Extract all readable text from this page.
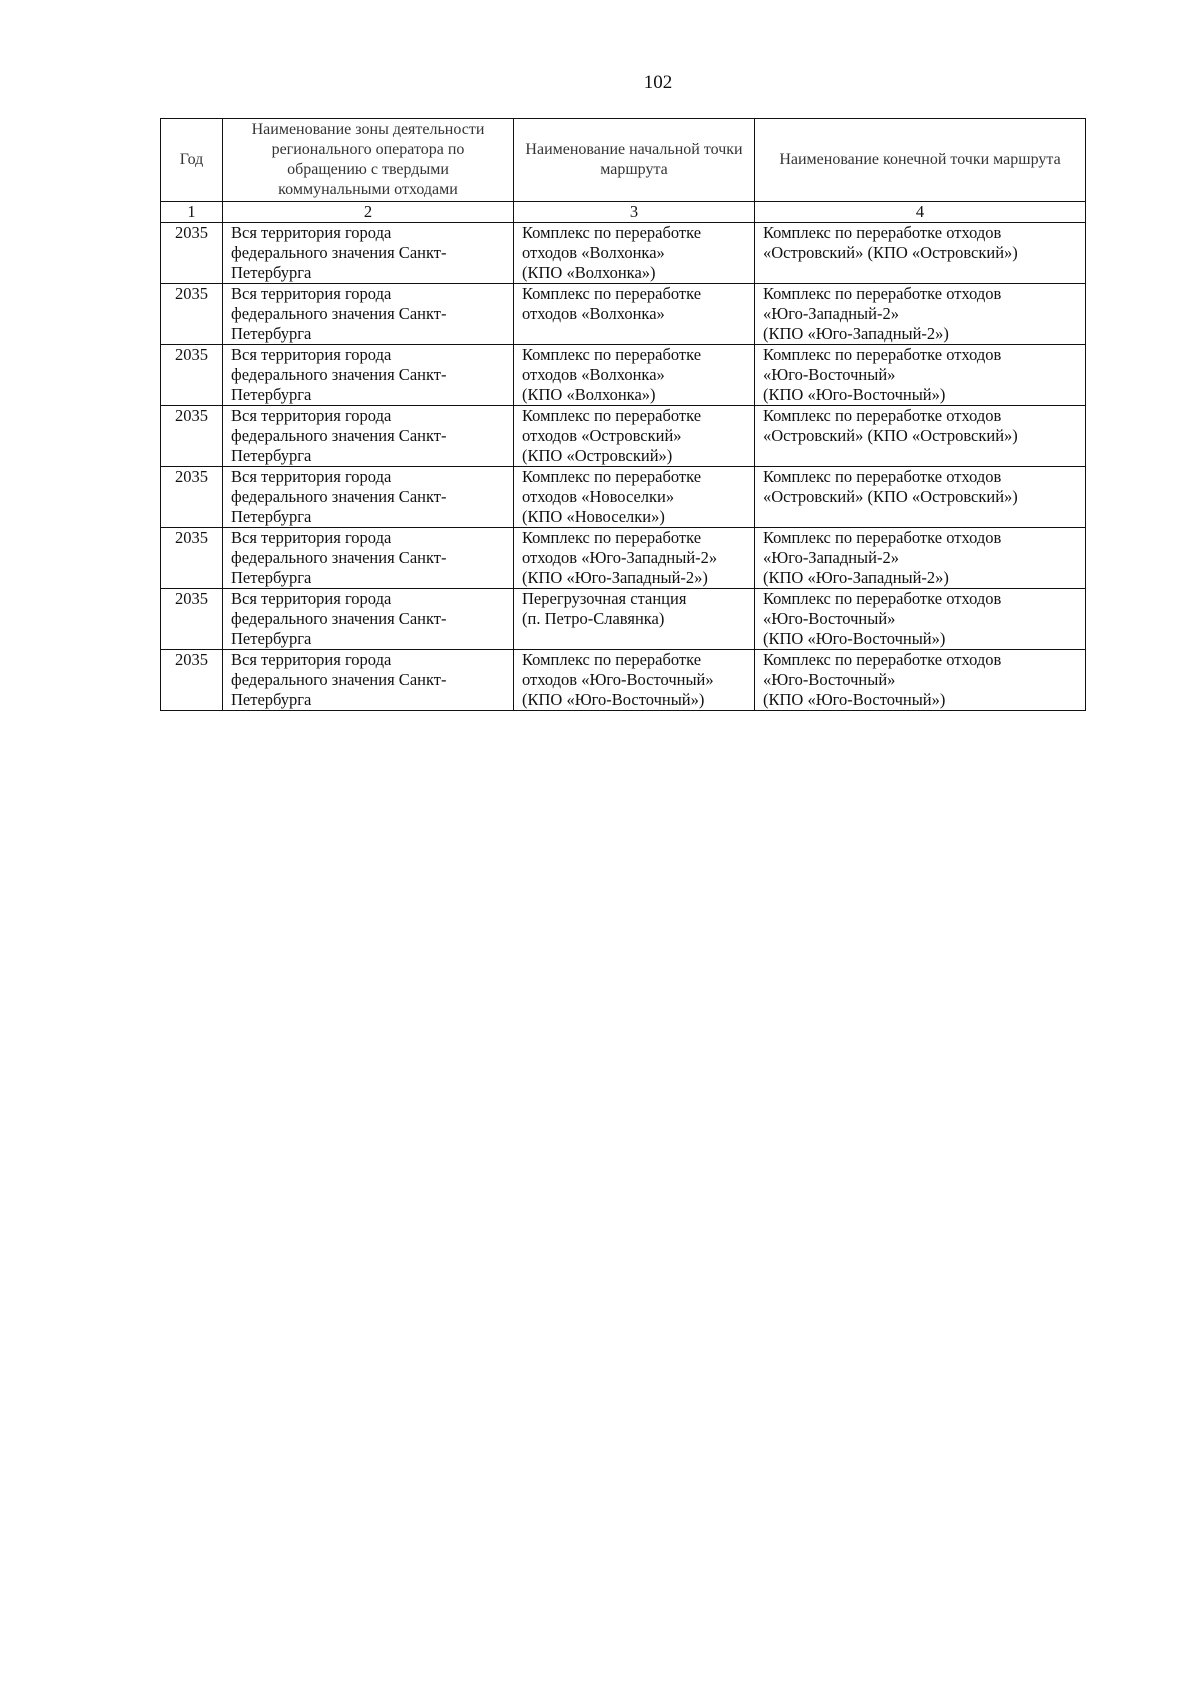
102
Год	Наименование зоны деятельности регионального оператора по обращению с твердыми коммунальными отходами	Наименование начальной точки маршрута	Наименование конечной точки маршрута
1	2	3	4
2035	Вся территория города
федерального значения Санкт-
Петербурга	Комплекс по переработке
отходов «Волхонка»
(КПО «Волхонка»)	Комплекс по переработке отходов
«Островский» (КПО «Островский»)

2035	Вся территория города
федерального значения Санкт-
Петербурга	Комплекс по переработке
отходов «Волхонка»	Комплекс по переработке отходов
«Юго-Западный-2»
(КПО «Юго-Западный-2»)

2035	Вся территория города
федерального значения Санкт-
Петербурга	Комплекс по переработке
отходов «Волхонка»
(КПО «Волхонка»)	Комплекс по переработке отходов
«Юго-Восточный»
(КПО «Юго-Восточный»)

2035	Вся территория города
федерального значения Санкт-
Петербурга	Комплекс по переработке
отходов «Островский»
(КПО «Островский»)	Комплекс по переработке отходов
«Островский» (КПО «Островский»)

2035	Вся территория города
федерального значения Санкт-
Петербурга	Комплекс по переработке
отходов «Новоселки»
(КПО «Новоселки»)	Комплекс по переработке отходов
«Островский» (КПО «Островский»)

2035	Вся территория города
федерального значения Санкт-
Петербурга	Комплекс по переработке
отходов «Юго-Западный-2»
(КПО «Юго-Западный-2»)	Комплекс по переработке отходов
«Юго-Западный-2»
(КПО «Юго-Западный-2»)

2035	Вся территория города
федерального значения Санкт-
Петербурга	Перегрузочная станция
(п. Петро-Славянка)	Комплекс по переработке отходов
«Юго-Восточный»
(КПО «Юго-Восточный»)

2035	Вся территория города
федерального значения Санкт-
Петербурга	Комплекс по переработке
отходов «Юго-Восточный»
(КПО «Юго-Восточный»)	Комплекс по переработке отходов
«Юго-Восточный»
(КПО «Юго-Восточный»)
